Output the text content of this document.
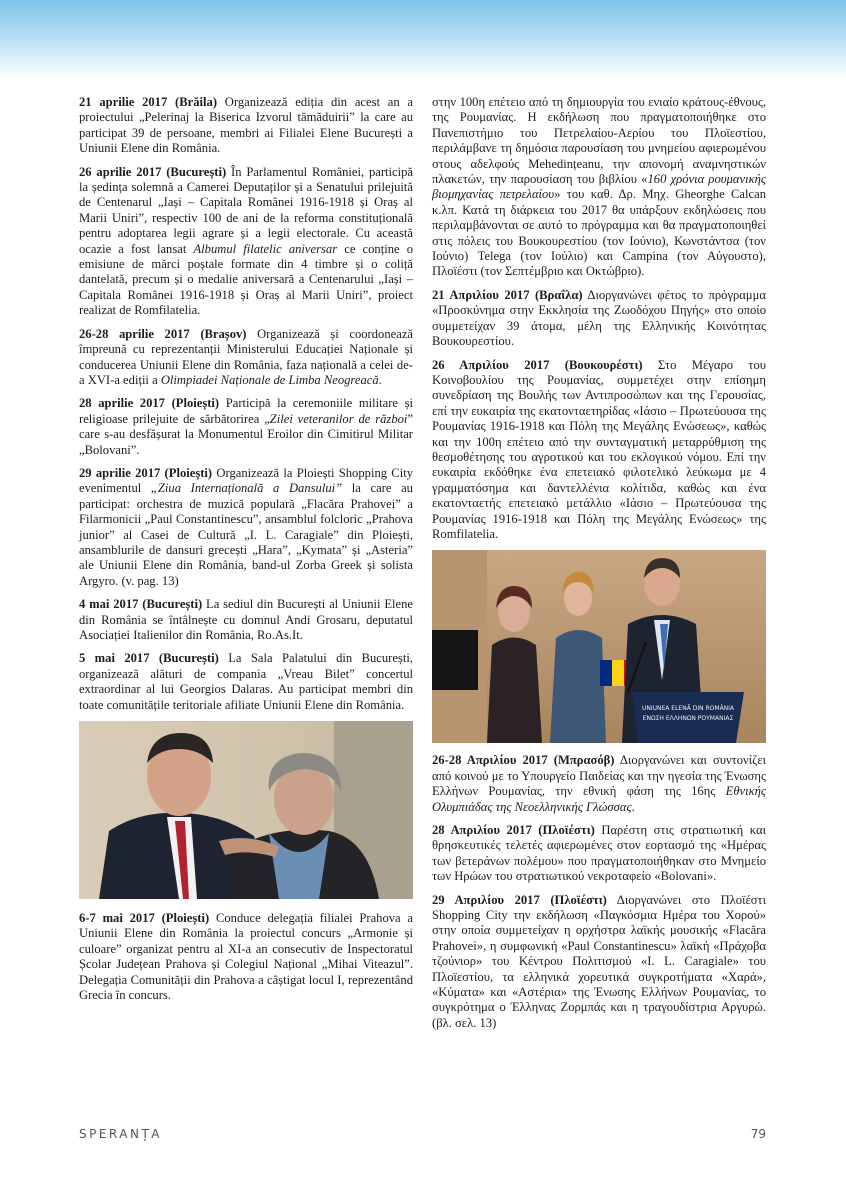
21 aprilie 2017 (Brăila) Organizează ediția din acest an a proiectului „Pelerinaj la Biserica Izvorul tămăduirii” la care au participat 39 de persoane, membri ai Filialei Elene București a Uniunii Elene din România.

26 aprilie 2017 (București) În Parlamentul României, participă la ședința solemnă a Camerei Deputaților și a Senatului prilejuită de Centenarul „Iași – Capitala Românei 1916-1918 și Oraș al Marii Uniri”, respectiv 100 de ani de la reforma constituțională pentru adoptarea legii agrare și a legii electorale. Cu această ocazie a fost lansat Albumul filatelic aniversar ce conține o emisiune de mărci poștale formate din 4 timbre și o coliță dantelată, precum și o medalie aniversară a Centenarului „Iași – Capitala Românei 1916-1918 și Oraș al Marii Uniri”, proiect realizat de Romfilatelia.

26-28 aprilie 2017 (Brașov) Organizează și coordonează împreună cu reprezentanții Ministerului Educației Naționale și conducerea Uniunii Elene din România, faza națională a celei de-a XVI-a ediții a Olimpiadei Naționale de Limba Neogreacă.

28 aprilie 2017 (Ploiești) Participă la ceremoniile militare și religioase prilejuite de sărbătorirea „Zilei veteranilor de război” care s-au desfășurat la Monumentul Eroilor din Cimitirul Militar „Bolovani”.

29 aprilie 2017 (Ploiești) Organizează la Ploiești Shopping City evenimentul „Ziua Internațională a Dansului” la care au participat: orchestra de muzică populară „Flacăra Prahovei” a Filarmonicii „Paul Constantinescu”, ansamblul folcloric „Prahova junior” al Casei de Cultură „I. L. Caragiale” din Ploiești, ansamblurile de dansuri grecești „Hara”, „Kymata” și „Asteria” ale Uniunii Elene din România, band-ul Zorba Greek și solista Argyro. (v. pag. 13)

4 mai 2017 (București) La sediul din București al Uniunii Elene din România se întâlnește cu domnul Andi Grosaru, deputatul Asociației Italienilor din România, Ro.As.It.

5 mai 2017 (București) La Sala Palatului din București, organizează alături de compania „Vreau Bilet” concertul extraordinar al lui Georgios Dalaras. Au participat membri din toate comunitățile teritoriale afiliate Uniunii Elene din România.

6-7 mai 2017 (Ploiești) Conduce delegația filialei Prahova a Uniunii Elene din România la proiectul concurs „Armonie și culoare” organizat pentru al XI-a an consecutiv de Inspectoratul Școlar Județean Prahova și Colegiul Național „Mihai Viteazul”. Delegația Comunității din Prahova a câștigat locul I, reprezentând Grecia în concurs.

στην 100η επέτειο από τη δημιουργία του ενιαίο κράτους-έθνους, της Ρουμανίας. Η εκδήλωση που πραγματοποιήθηκε στο Πανεπιστήμιο του Πετρελαίου-Αερίου του Πλοϊεστίου, περιλάμβανε τη δημόσια παρουσίαση του μνημείου αφιερωμένου στους αδελφούς Mehedințeanu, την απονομή αναμνηστικών πλακετών, την παρουσίαση του βιβλίου «160 χρόνια ρουμανικής βιομηχανίας πετρελαίου» του καθ. Δρ. Μηχ. Gheorghe Calcan κ.λπ. Κατά τη διάρκεια του 2017 θα υπάρξουν εκδηλώσεις που περιλαμβάνονται σε αυτό το πρόγραμμα και θα πραγματοποιηθεί στις πόλεις του Βουκουρεστίου (τον Ιούνιο), Κωνστάντσα (τον Ιούνιο) Telega (τον Ιούλιο) και Campina (τον Αύγουστο), Πλοϊέστι (τον Σεπτέμβριο και Οκτώβριο).

21 Απριλίου 2017 (Βραΐλα) Διοργανώνει φέτος το πρόγραμμα «Προσκύνημα στην Εκκλησία της Ζωοδόχου Πηγής» στο οποίο συμμετείχαν 39 άτομα, μέλη της Ελληνικής Κοινότητας Βουκουρεστίου.

26 Απριλίου 2017 (Βουκουρέστι) Στο Μέγαρο του Κοινοβουλίου της Ρουμανίας, συμμετέχει στην επίσημη συνεδρίαση της Βουλής των Αντιπροσώπων και της Γερουσίας, επί την ευκαιρία της εκατονταετηρίδας «Ιάσιο – Πρωτεύουσα της Ρουμανίας 1916-1918 και Πόλη της Μεγάλης Ενώσεως», καθώς και την 100η επέτειο από την συνταγματική μεταρρύθμιση της θεσμοθέτησης του αγροτικού και του εκλογικού νόμου. Επί την ευκαιρία εκδόθηκε ένα επετειακό φιλοτελικό λεύκωμα με 4 γραμματόσημα και δαντελλένια κολίτιδα, καθώς και ένα εκατονταετής επετειακό μετάλλιο «Ιάσιο – Πρωτεύουσα της Ρουμανίας 1916-1918 και Πόλη της Μεγάλης Ενώσεως» της Romfilatelia.

UNIUNEA ELENĂ DIN ROMÂNIA
ΕΝΩΣΗ ΕΛΛΗΝΩΝ ΡΟΥΜΑΝΙΑΣ

26-28 Απριλίου 2017 (Μπρασόβ) Διοργανώνει και συντονίζει από κοινού με το Υπουργείο Παιδείας και την ηγεσία της Ένωσης Ελλήνων Ρουμανίας, την εθνική φάση της 16ης Εθνικής Ολυμπιάδας της Νεοελληνικής Γλώσσας.

28 Απριλίου 2017 (Πλοϊέστι) Παρέστη στις στρατιωτική και θρησκευτικές τελετές αφιερωμένες στον εορτασμό της «Ημέρας των βετεράνων πολέμου» που πραγματοποιήθηκαν στο Μνημείο των Ηρώων του στρατιωτικού νεκροταφείο «Bolovani».

29 Απριλίου 2017 (Πλοϊέστι) Διοργανώνει στο Πλοϊέστι Shopping City την εκδήλωση «Παγκόσμια Ημέρα του Χορού» στην οποία συμμετείχαν η ορχήστρα λαϊκής μουσικής «Flacăra Prahovei», η συμφωνική «Paul Constantinescu» λαϊκή «Πράχοβα τζούνιορ» του Κέντρου Πολιτισμού «I. L. Caragiale» του Πλοϊεστίου, τα ελληνικά χορευτικά συγκροτήματα «Χαρά», «Κύματα» και «Αστέρια» της Ένωσης Ελλήνων Ρουμανίας, το συγκρότημα ο Έλληνας Ζορμπάς και η τραγουδίστρια Αργυρώ. (βλ. σελ. 13)

SPERANȚA	79
